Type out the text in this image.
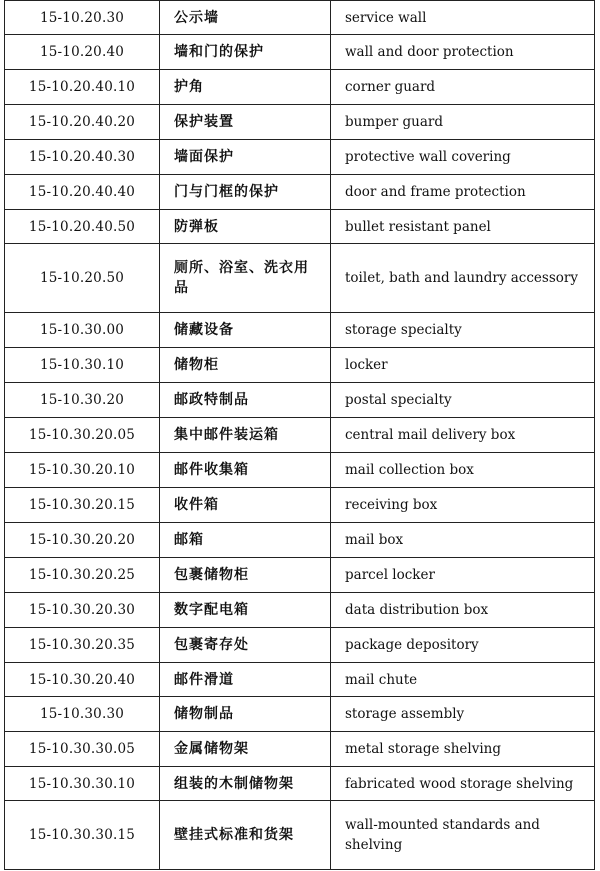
15-10.20.30	公示墙	service wall
15-10.20.40	墙和门的保护	wall and door protection
15-10.20.40.10	护角	corner guard
15-10.20.40.20	保护装置	bumper guard
15-10.20.40.30	墙面保护	protective wall covering
15-10.20.40.40	门与门框的保护	door and frame protection
15-10.20.40.50	防弹板	bullet resistant panel
15-10.20.50	厕所、浴室、洗衣用品	toilet, bath and laundry accessory
15-10.30.00	储藏设备	storage specialty
15-10.30.10	储物柜	locker
15-10.30.20	邮政特制品	postal specialty
15-10.30.20.05	集中邮件装运箱	central mail delivery box
15-10.30.20.10	邮件收集箱	mail collection box
15-10.30.20.15	收件箱	receiving box
15-10.30.20.20	邮箱	mail box
15-10.30.20.25	包裹储物柜	parcel locker
15-10.30.20.30	数字配电箱	data distribution box
15-10.30.20.35	包裹寄存处	package depository
15-10.30.20.40	邮件滑道	mail chute
15-10.30.30	储物制品	storage assembly
15-10.30.30.05	金属储物架	metal storage shelving
15-10.30.30.10	组装的木制储物架	fabricated wood storage shelving
15-10.30.30.15	壁挂式标准和货架	wall-mounted standards and shelving
